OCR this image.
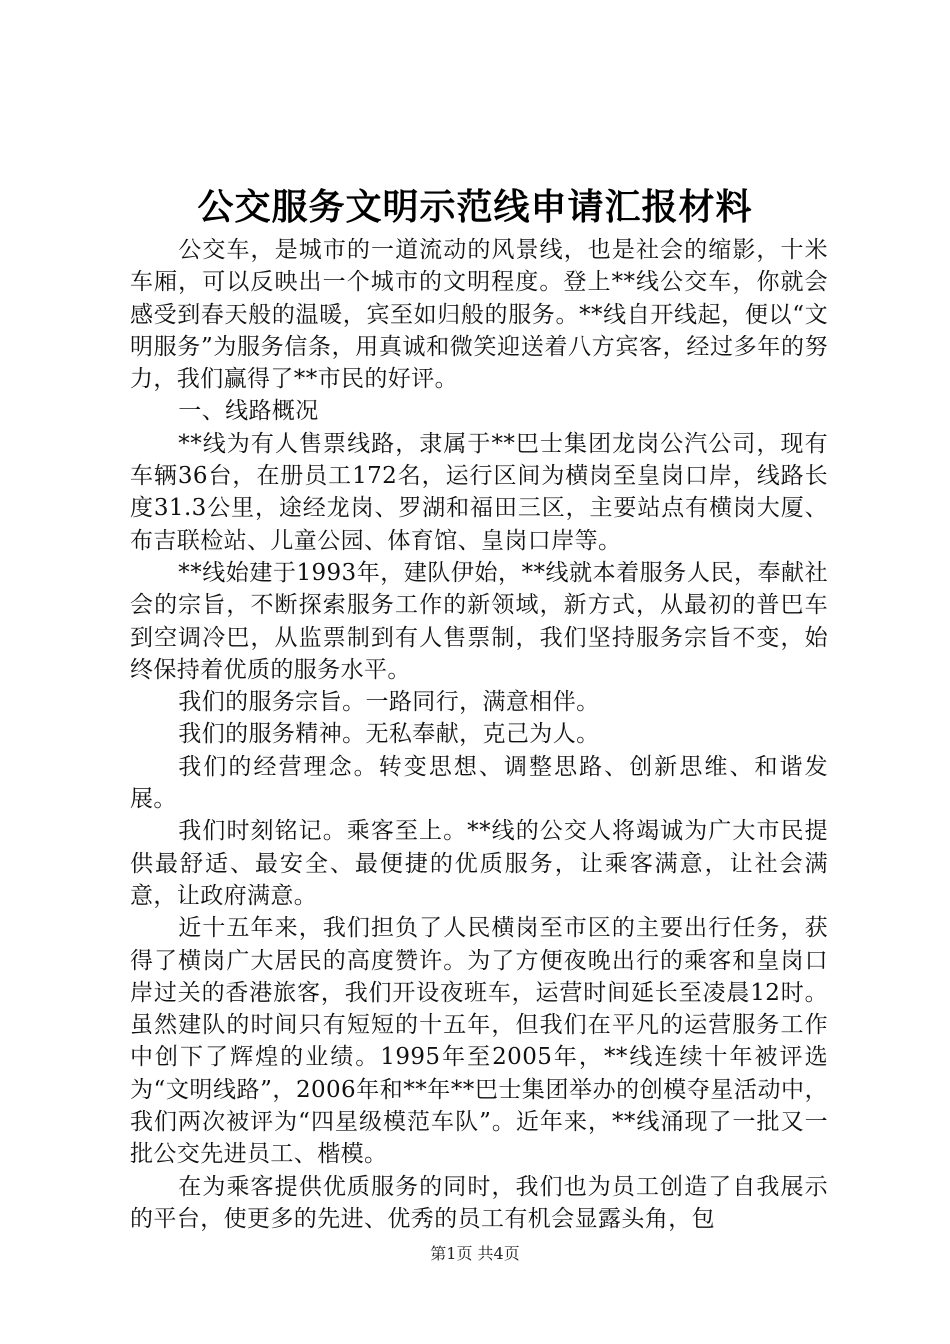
公交服务文明示范线申请汇报材料

公交车，是城市的一道流动的风景线，也是社会的缩影，十米车厢，可以反映出一个城市的文明程度。登上**线公交车，你就会感受到春天般的温暖，宾至如归般的服务。**线自开线起，便以“文明服务”为服务信条，用真诚和微笑迎送着八方宾客，经过多年的努力，我们赢得了**市民的好评。

一、线路概况

**线为有人售票线路，隶属于**巴士集团龙岗公汽公司，现有车辆36台，在册员工172名，运行区间为横岗至皇岗口岸，线路长度31.3公里，途经龙岗、罗湖和福田三区，主要站点有横岗大厦、布吉联检站、儿童公园、体育馆、皇岗口岸等。

**线始建于1993年，建队伊始，**线就本着服务人民，奉献社会的宗旨，不断探索服务工作的新领域，新方式，从最初的普巴车到空调冷巴，从监票制到有人售票制，我们坚持服务宗旨不变，始终保持着优质的服务水平。

我们的服务宗旨。一路同行，满意相伴。

我们的服务精神。无私奉献，克己为人。

我们的经营理念。转变思想、调整思路、创新思维、和谐发展。

我们时刻铭记。乘客至上。**线的公交人将竭诚为广大市民提供最舒适、最安全、最便捷的优质服务，让乘客满意，让社会满意，让政府满意。

近十五年来，我们担负了人民横岗至市区的主要出行任务，获得了横岗广大居民的高度赞许。为了方便夜晚出行的乘客和皇岗口岸过关的香港旅客，我们开设夜班车，运营时间延长至凌晨12时。虽然建队的时间只有短短的十五年，但我们在平凡的运营服务工作中创下了辉煌的业绩。1995年至2005年，**线连续十年被评选为“文明线路”，2006年和**年**巴士集团举办的创模夺星活动中，我们两次被评为“四星级模范车队”。近年来，**线涌现了一批又一批公交先进员工、楷模。

在为乘客提供优质服务的同时，我们也为员工创造了自我展示的平台，使更多的先进、优秀的员工有机会显露头角，包

第1页 共4页
